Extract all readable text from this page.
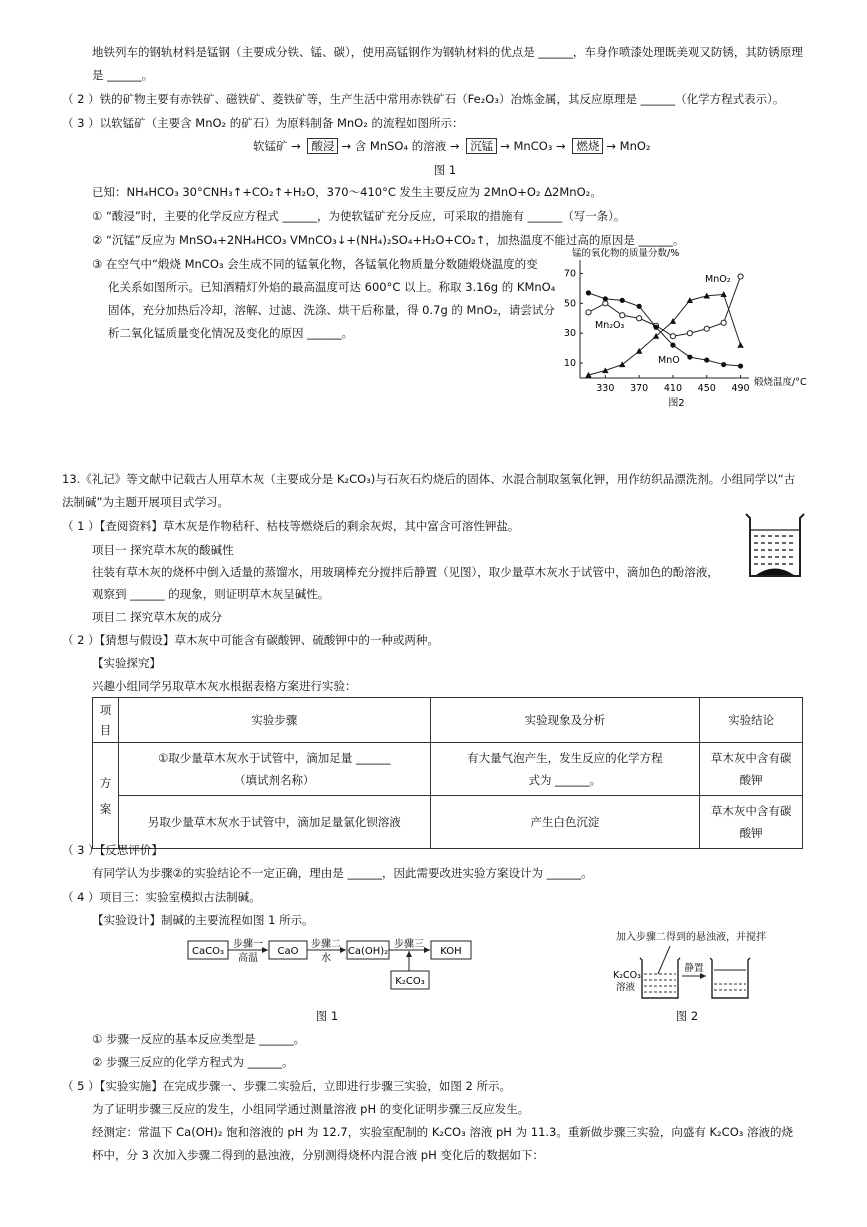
地铁列车的钢轨材料是锰钢（主要成分铁、锰、碳），使用高锰钢作为钢轨材料的优点是 ______，车身作喷漆处理既美观又防锈，其防锈原理
是 ______。
（ 2 ）铁的矿物主要有赤铁矿、磁铁矿、菱铁矿等，生产生活中常用赤铁矿石（Fe₂O₃）冶炼金属，其反应原理是 ______（化学方程式表示）。
（ 3 ）以软锰矿（主要含 MnO₂ 的矿石）为原料制备 MnO₂ 的流程如图所示：
软锰矿 → 酸浸 → 含 MnSO₄ 的溶液 → 沉锰 → MnCO₃ → 燃烧 → MnO₂
图 1
已知：NH₄HCO₃ 30°CNH₃↑+CO₂↑+H₂O，370～410°C 发生主要反应为 2MnO+O₂ Δ2MnO₂。
① “酸浸”时，主要的化学反应方程式 ______，为使软锰矿充分反应，可采取的措施有 ______（写一条）。
② “沉锰”反应为 MnSO₄+2NH₄HCO₃ VMnCO₃↓+(NH₄)₂SO₄+H₂O+CO₂↑，加热温度不能过高的原因是 ______。
③ 在空气中“煅烧 MnCO₃ 会生成不同的锰氧化物，各锰氧化物质量分数随煅烧温度的变
化关系如图所示。已知酒精灯外焰的最高温度可达 600°C 以上。称取 3.16g 的 KMnO₄
固体，充分加热后冷却，溶解、过滤、洗涤、烘干后称量，得 0.7g 的 MnO₂，请尝试分
析二氧化锰质量变化情况及变化的原因 ______。
锰的氧化物的质量分数/%
煅烧温度/°C
图2
330 370 410 450 490
10
30
50
70
MnO₂
Mn₂O₃
MnO
13.《礼记》等文献中记载古人用草木灰（主要成分是 K₂CO₃)与石灰石灼烧后的固体、水混合制取氢氧化钾，用作纺织品漂洗剂。小组同学以“古
法制碱”为主题开展项目式学习。
（ 1 ）【查阅资料】草木灰是作物秸秆、枯枝等燃烧后的剩余灰烬，其中富含可溶性钾盐。
项目一 探究草木灰的酸碱性
往装有草木灰的烧杯中倒入适量的蒸馏水，用玻璃棒充分搅拌后静置（见图），取少量草木灰水于试管中，滴加色的酚溶液，
观察到 ______ 的现象，则证明草木灰呈碱性。
项目二 探究草木灰的成分
（ 2 ）【猜想与假设】草木灰中可能含有碳酸钾、硫酸钾中的一种或两种。
【实验探究】
兴趣小组同学另取草木灰水根据表格方案进行实验：
项目	实验步骤	实验现象及分析	实验结论
方案	①取少量草木灰水于试管中，滴加足量 ______ （填试剂名称）	有大量气泡产生，发生反应的化学方程式为 ______。	草木灰中含有碳酸钾
	另取少量草木灰水于试管中，滴加足量氯化钡溶液	产生白色沉淀	草木灰中含有碳酸钾
（ 3 ）【反思评价】
有同学认为步骤②的实验结论不一定正确，理由是 ______，因此需要改进实验方案设计为 ______。
（ 4 ）项目三：实验室模拟古法制碱。
【实验设计】制碱的主要流程如图 1 所示。
CaCO₃
步骤一
高温
CaO
步骤二
水
Ca(OH)₂
步骤三
KOH
K₂CO₃
图 1
加入步骤二得到的悬浊液，并搅拌
K₂CO₃
溶液
静置
图 2
① 步骤一反应的基本反应类型是 ______。
② 步骤三反应的化学方程式为 ______。
（ 5 ）【实验实施】在完成步骤一、步骤二实验后，立即进行步骤三实验，如图 2 所示。
为了证明步骤三反应的发生，小组同学通过测量溶液 pH 的变化证明步骤三反应发生。
经测定：常温下 Ca(OH)₂ 饱和溶液的 pH 为 12.7，实验室配制的 K₂CO₃ 溶液 pH 为 11.3。重新做步骤三实验，向盛有 K₂CO₃ 溶液的烧
杯中，分 3 次加入步骤二得到的悬浊液，分别测得烧杯内混合液 pH 变化后的数据如下：
